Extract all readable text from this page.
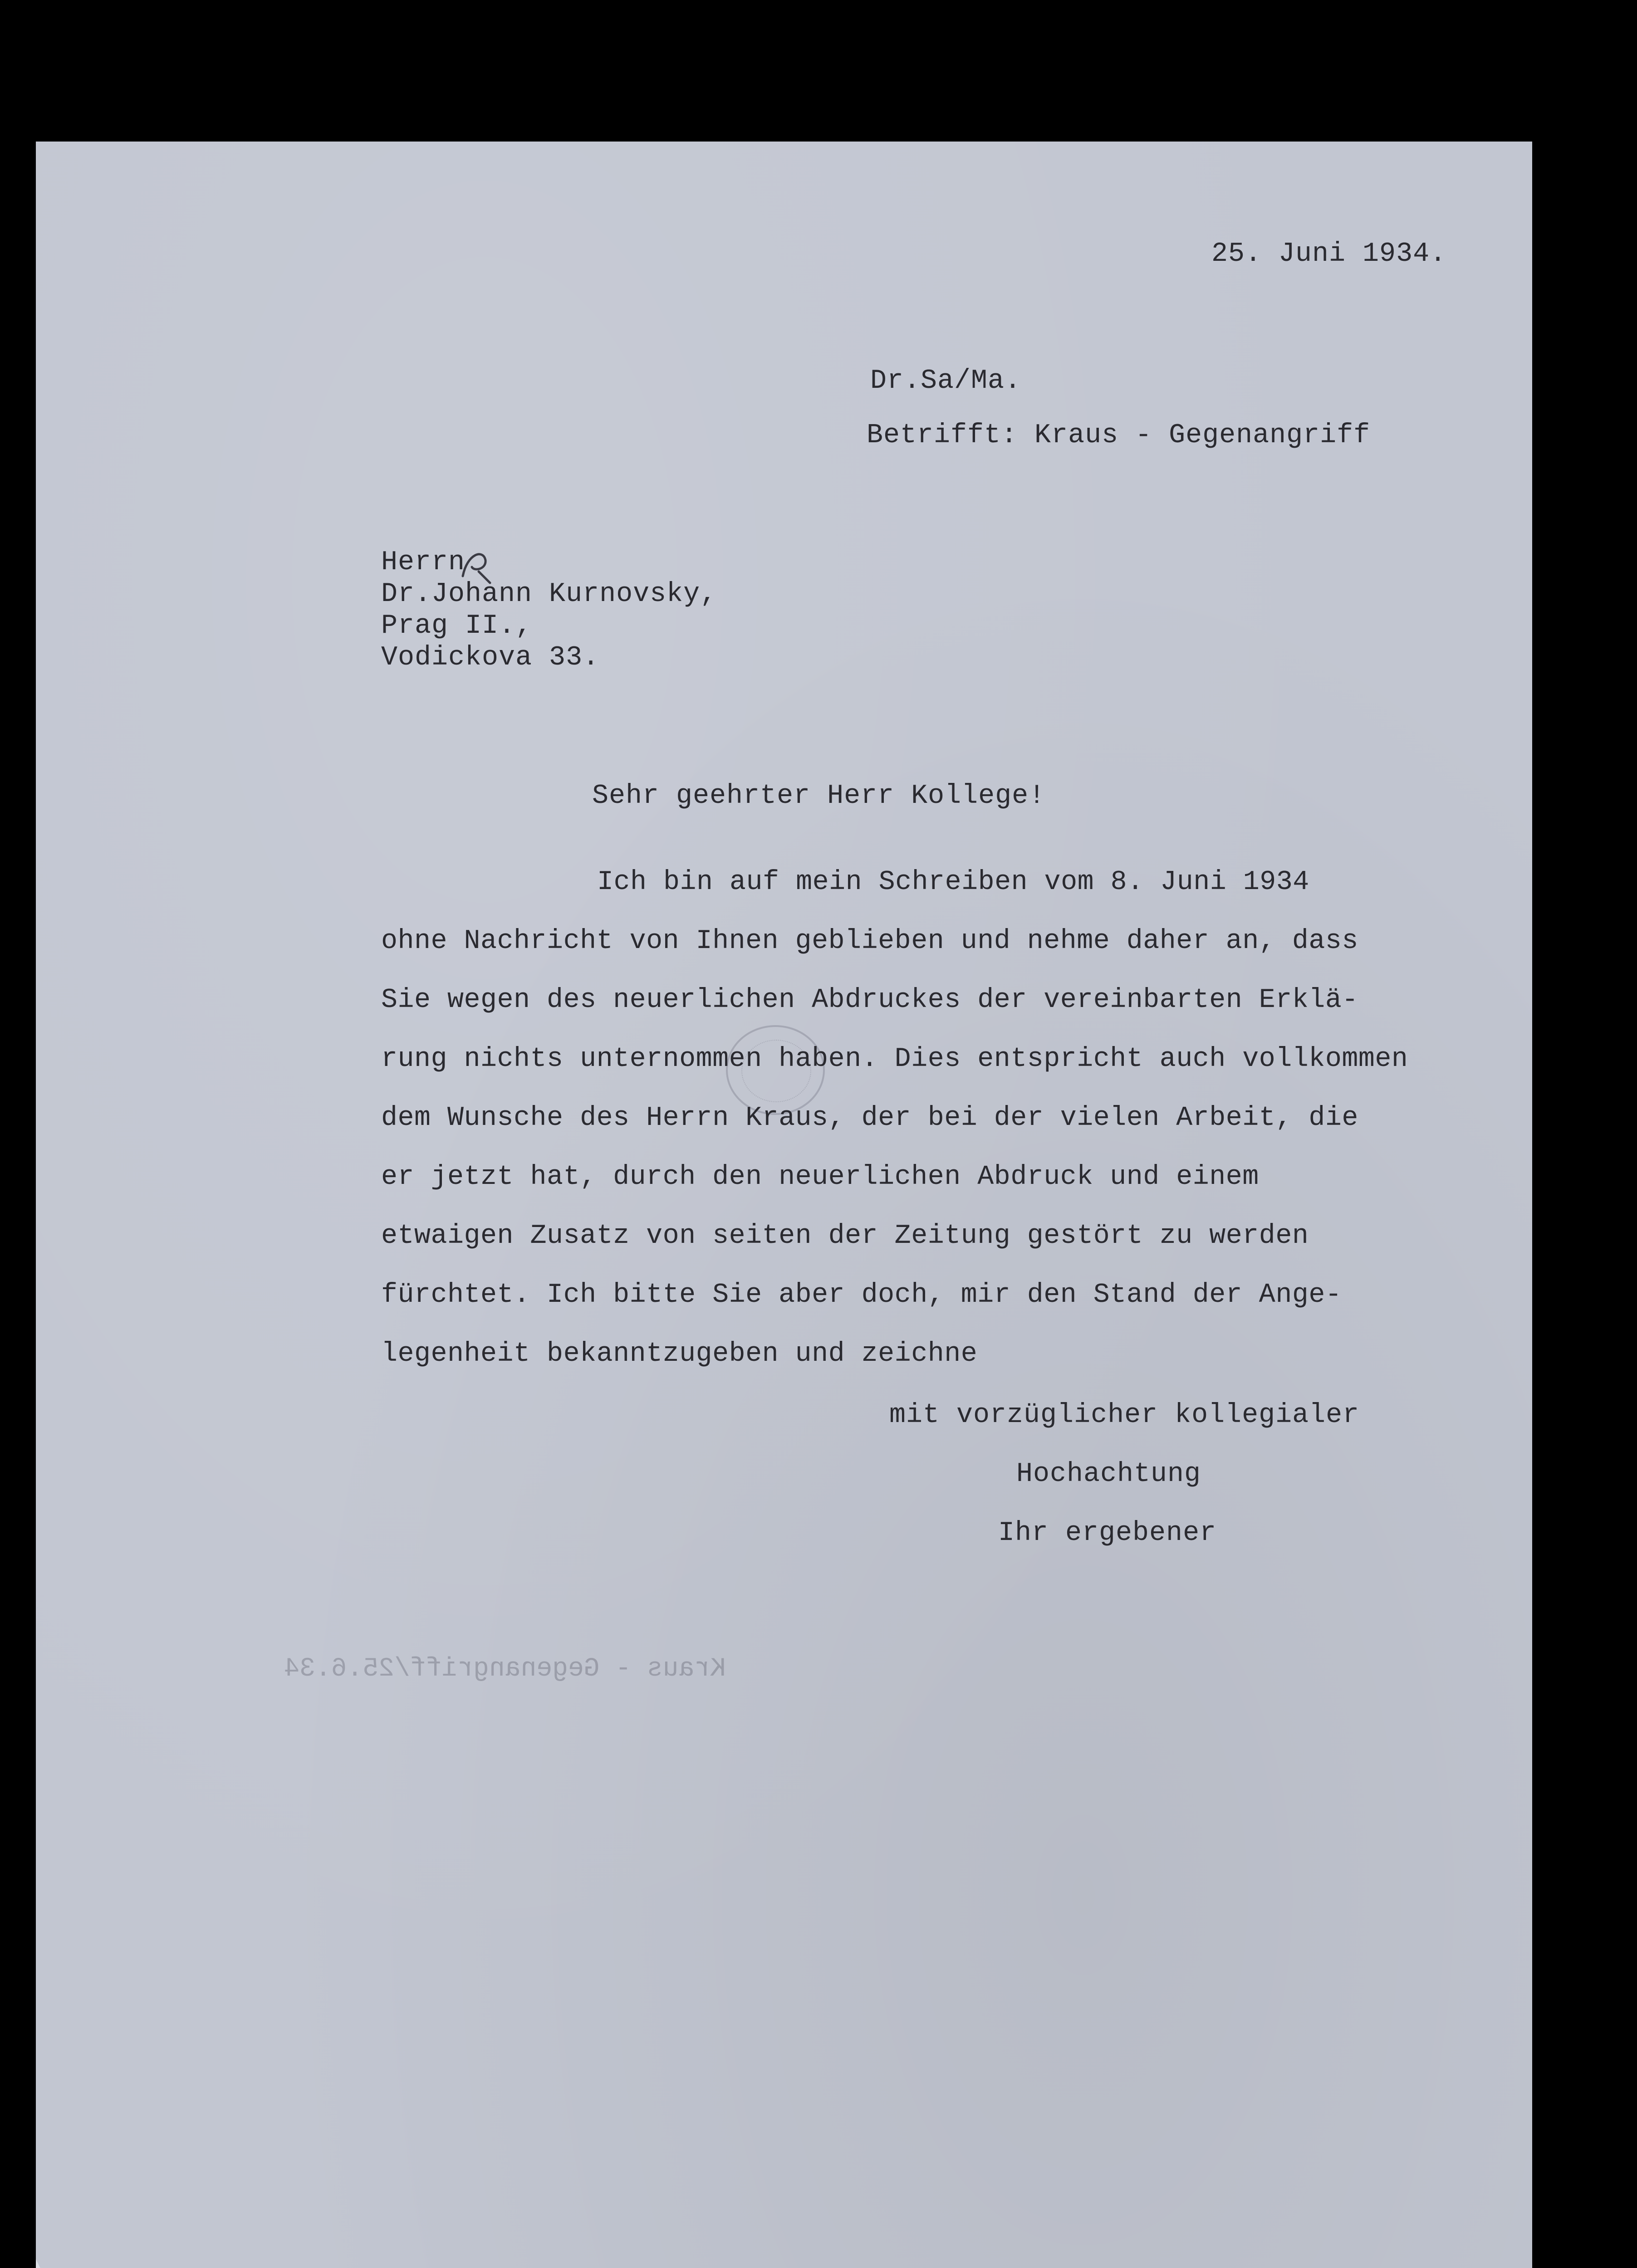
25. Juni 1934.
Dr.Sa/Ma.
Betrifft: Kraus - Gegenangriff
Herrn
Dr.Johann Kurnovsky,
Prag II.,
Vodickova 33.
Sehr geehrter Herr Kollege!
Ich bin auf mein Schreiben vom 8. Juni 1934
ohne Nachricht von Ihnen geblieben und nehme daher an, dass
Sie wegen des neuerlichen Abdruckes der vereinbarten Erklä-
rung nichts unternommen haben. Dies entspricht auch vollkommen
dem Wunsche des Herrn Kraus, der bei der vielen Arbeit, die
er jetzt hat, durch den neuerlichen Abdruck und einem
etwaigen Zusatz von seiten der Zeitung gestört zu werden
fürchtet. Ich bitte Sie aber doch, mir den Stand der Ange-
legenheit bekanntzugeben und zeichne
mit vorzüglicher kollegialer
Hochachtung
Ihr ergebener
Kraus - Gegenangriff/25.6.34
